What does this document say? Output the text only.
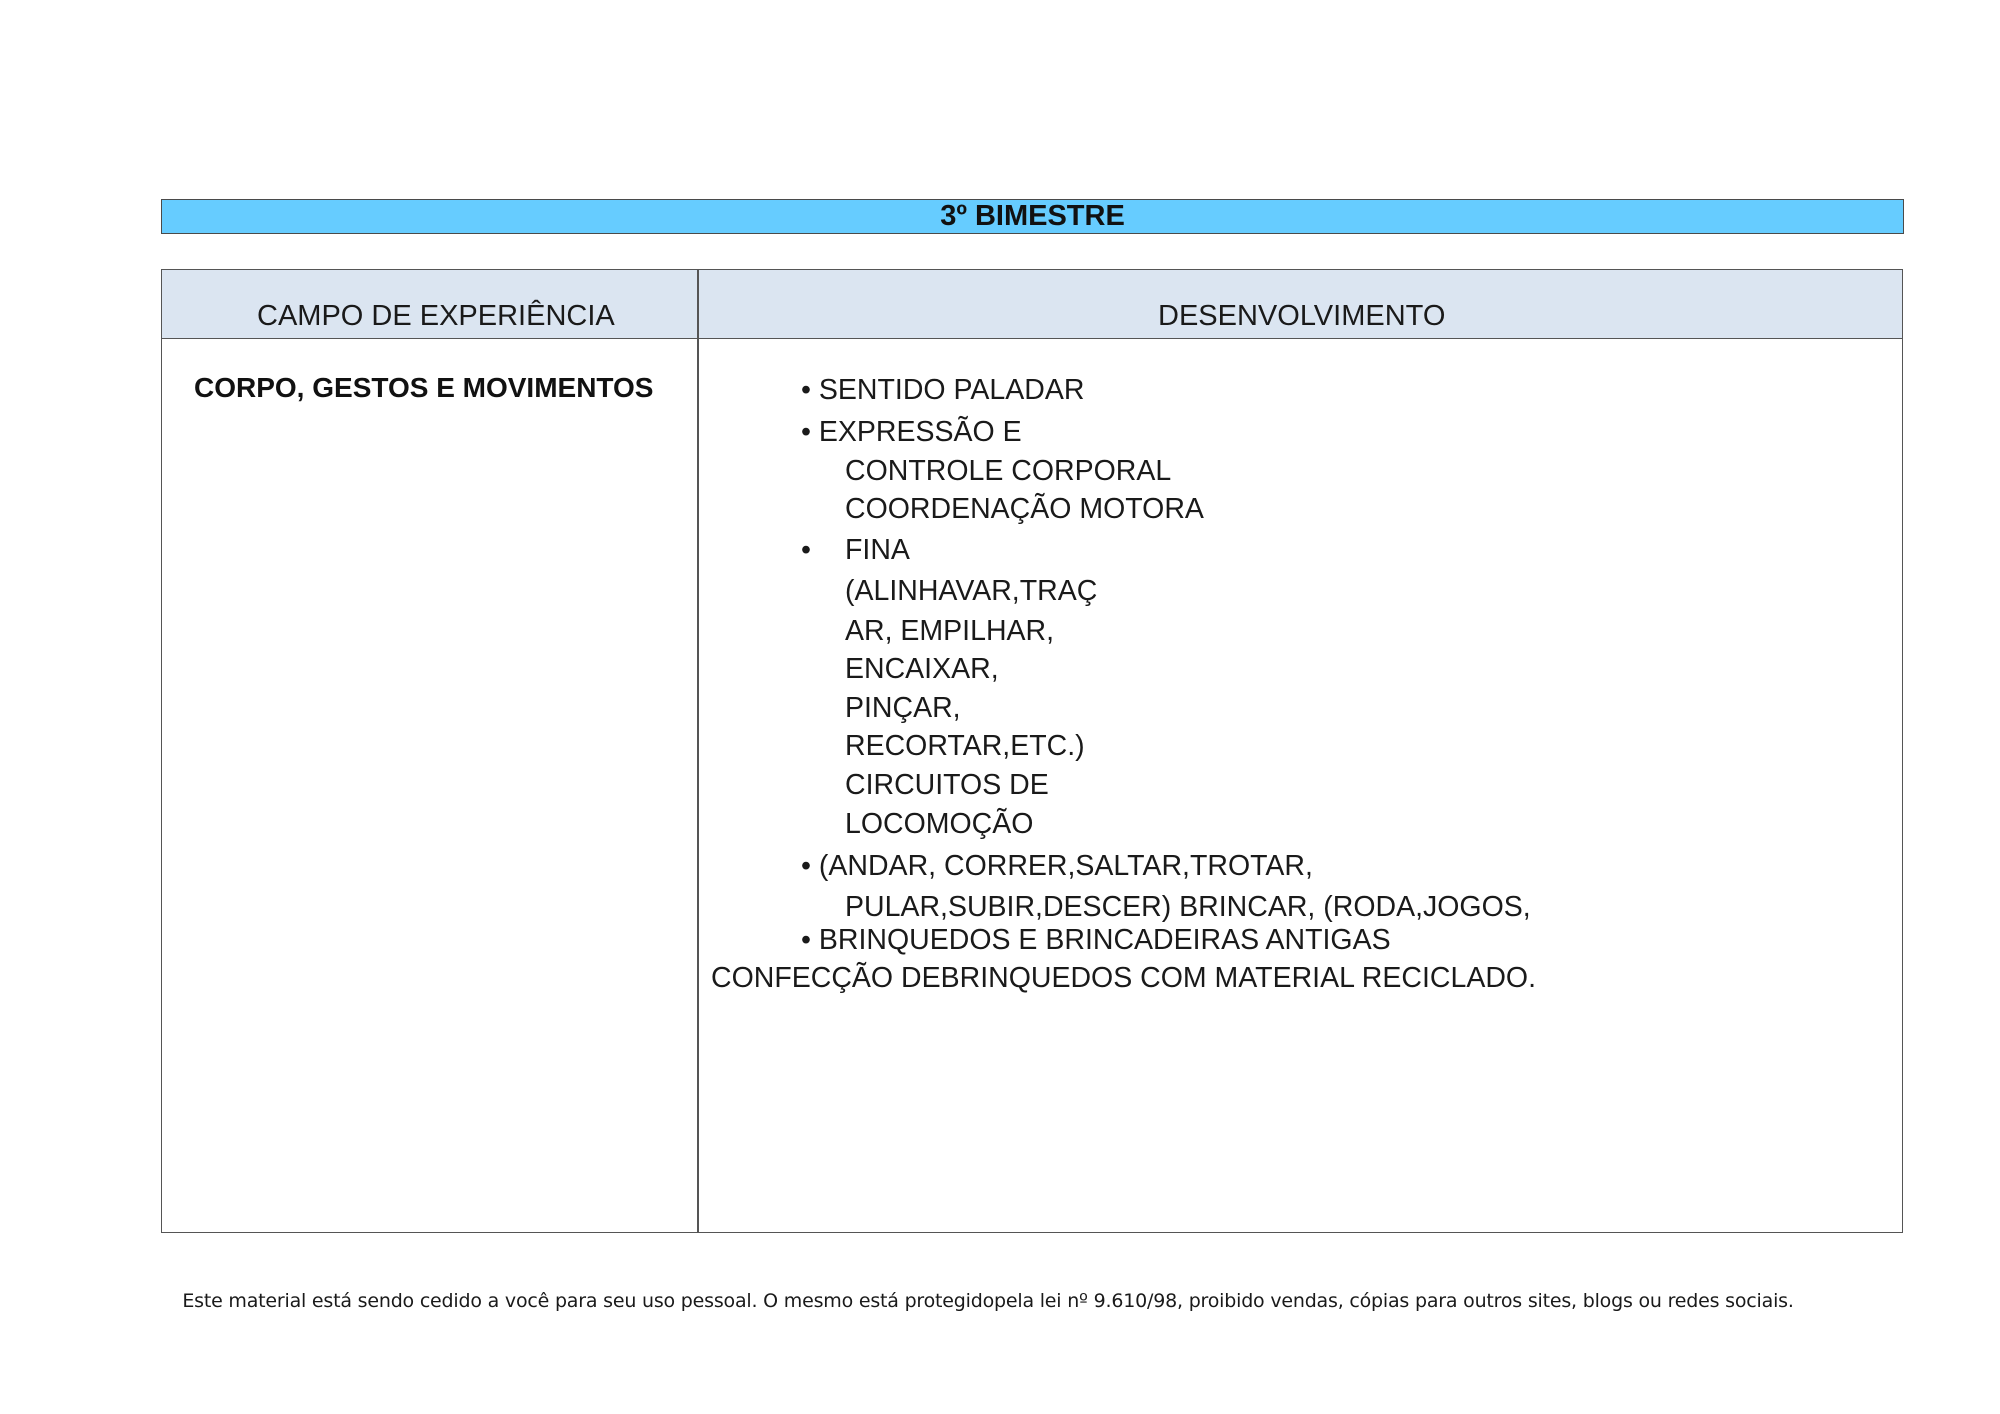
3º BIMESTRE
CAMPO DE EXPERIÊNCIA	DESENVOLVIMENTO
CORPO, GESTOS E MOVIMENTOS	• SENTIDO PALADAR
• EXPRESSÃO E
CONTROLE CORPORAL
COORDENAÇÃO MOTORA
• FINA
(ALINHAVAR,TRAÇ
AR, EMPILHAR,
ENCAIXAR,
PINÇAR,
RECORTAR,ETC.)
CIRCUITOS DE
LOCOMOÇÃO
• (ANDAR, CORRER,SALTAR,TROTAR,
PULAR,SUBIR,DESCER) BRINCAR, (RODA,JOGOS,
• BRINQUEDOS E BRINCADEIRAS ANTIGAS
CONFECÇÃO DEBRINQUEDOS COM MATERIAL RECICLADO.
Este material está sendo cedido a você para seu uso pessoal. O mesmo está protegidopela lei nº 9.610/98, proibido vendas, cópias para outros sites, blogs ou redes sociais.
